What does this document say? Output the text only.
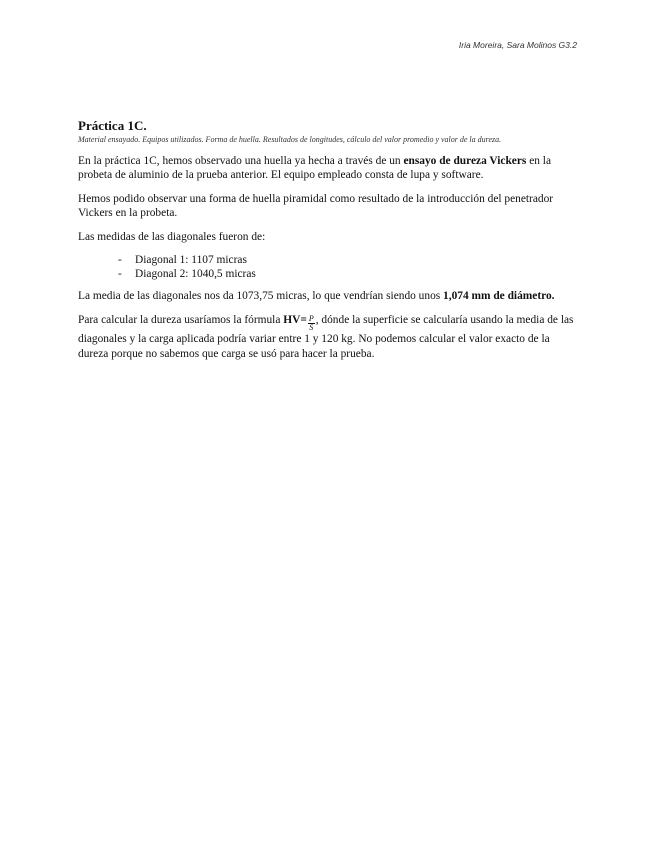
Iria Moreira, Sara Molinos G3.2
Práctica 1C.
Material ensayado. Equipos utilizados. Forma de huella. Resultados de longitudes, cálculo del valor promedio y valor de la dureza.

En la práctica 1C, hemos observado una huella ya hecha a través de un ensayo de dureza Vickers en la probeta de aluminio de la prueba anterior. El equipo empleado consta de lupa y software.

Hemos podido observar una forma de huella piramidal como resultado de la introducción del penetrador Vickers en la probeta.

Las medidas de las diagonales fueron de:

- Diagonal 1: 1107 micras
- Diagonal 2: 1040,5 micras

La media de las diagonales nos da 1073,75 micras, lo que vendrían siendo unos 1,074 mm de diámetro.

Para calcular la dureza usaríamos la fórmula $HV= \frac{P}{S}$ , dónde la superficie se calcularía usando la media de las diagonales y la carga aplicada podría variar entre 1 y 120 kg. No podemos calcular el valor exacto de la dureza porque no sabemos que carga se usó para hacer la prueba.
